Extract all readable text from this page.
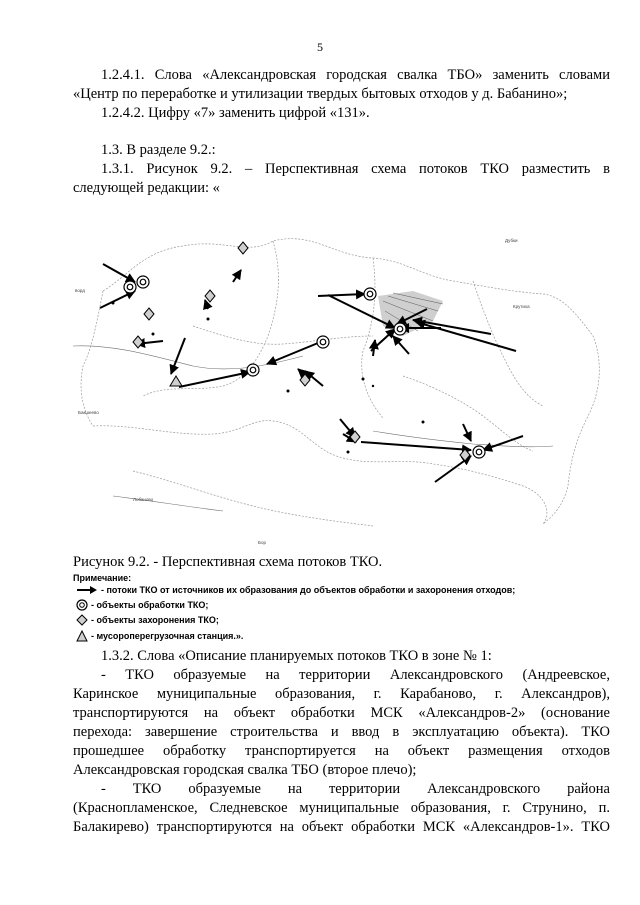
5

1.2.4.1. Слова «Александровская городская свалка ТБО» заменить словами

«Центр по переработке и утилизации твердых бытовых отходов у д. Бабанино»;

1.2.4.2. Цифру «7» заменить цифрой «131».

1.3. В разделе 9.2.:

1.3.1. Рисунок 9.2. – Перспективная схема потоков ТКО разместить в

следующей редакции: «

ворд
Бакшеево
Лобаново
Дубки
Крутиха
Бор
Рисунок 9.2. - Перспективная схема потоков ТКО.
Примечание:
- потоки ТКО от источников их образования до объектов обработки и захоронения отходов;
- объекты обработки ТКО;
- объекты захоронения ТКО;
- мусороперегрузочная станция.».

1.3.2. Слова «Описание планируемых потоков ТКО в зоне № 1:

- ТКО образуемые на территории Александровского (Андреевское,

Каринское муниципальные образования, г. Карабаново, г. Александров),

транспортируются на объект обработки МСК «Александров-2» (основание

перехода: завершение строительства и ввод в эксплуатацию объекта). ТКО

прошедшее обработку транспортируется на объект размещения отходов

Александровская городская свалка ТБО (второе плечо);

- ТКО образуемые на территории Александровского района

(Краснопламенское, Следневское муниципальные образования, г. Струнино, п.

Балакирево) транспортируются на объект обработки МСК «Александров-1». ТКО
